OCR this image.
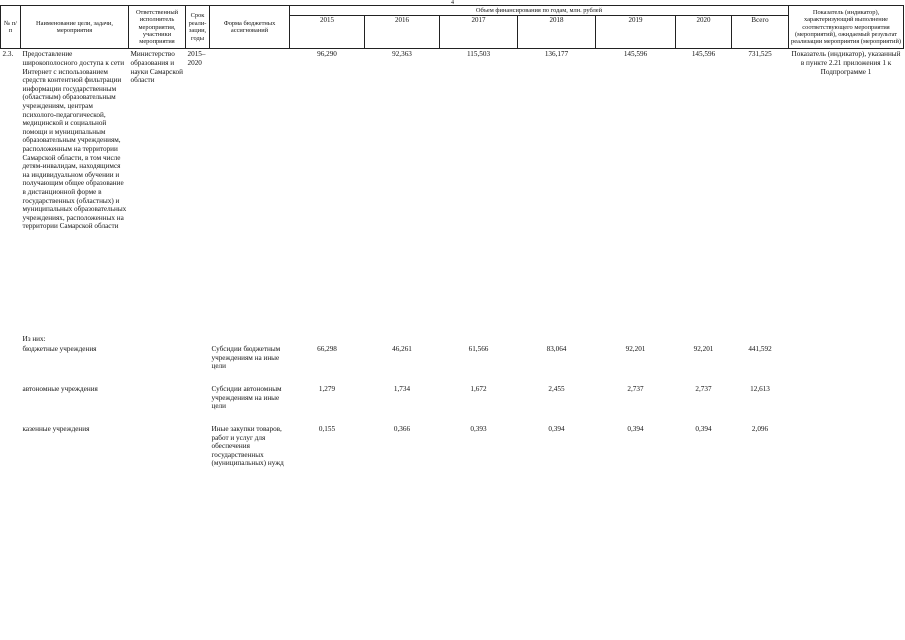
4
№ п/п	Наименование цели, задачи, мероприятия	Ответственный исполнитель мероприятия, участники мероприятия	Срок реали-зации, годы	Форма бюджетных ассигнований	Объем финансирования по годам, млн. рублей							Показатель (индикатор), характеризующий выполнение соответствующего мероприятия (мероприятий), ожидаемый результат реализации мероприятия (мероприятий)
					2015	2016	2017	2018	2019	2020	Всего	
2.3.	Предоставление широкополосного доступа к сети Интернет с использованием средств контентной фильтрации информации государственным (областным) образовательным учреждениям, центрам психолого-педагогической, медицинской и социальной помощи и муниципальным образовательным учреждениям, расположенным на территории Самарской области, в том числе детям-инвалидам, находящимся на индивидуальном обучении и получающим общее образование в дистанционной форме в государственных (областных) и муниципальных образовательных учреждениях, расположенных на территории Самарской области	Министерство образования и науки Самарской области	2015–2020		96,290	92,363	115,503	136,177	145,596	145,596	731,525	Показатель (индикатор), указанный в пункте 2.21 приложения 1 к Подпрограмме 1
	Из них:											
	бюджетные учреждения			Субсидии бюджетным учреждениям на иные цели	66,298	46,261	61,566	83,064	92,201	92,201	441,592	
	автономные учреждения			Субсидии автономным учреждениям на иные цели	1,279	1,734	1,672	2,455	2,737	2,737	12,613	
	казенные учреждения			Иные закупки товаров, работ и услуг для обеспечения государственных (муниципальных) нужд	0,155	0,366	0,393	0,394	0,394	0,394	2,096	
